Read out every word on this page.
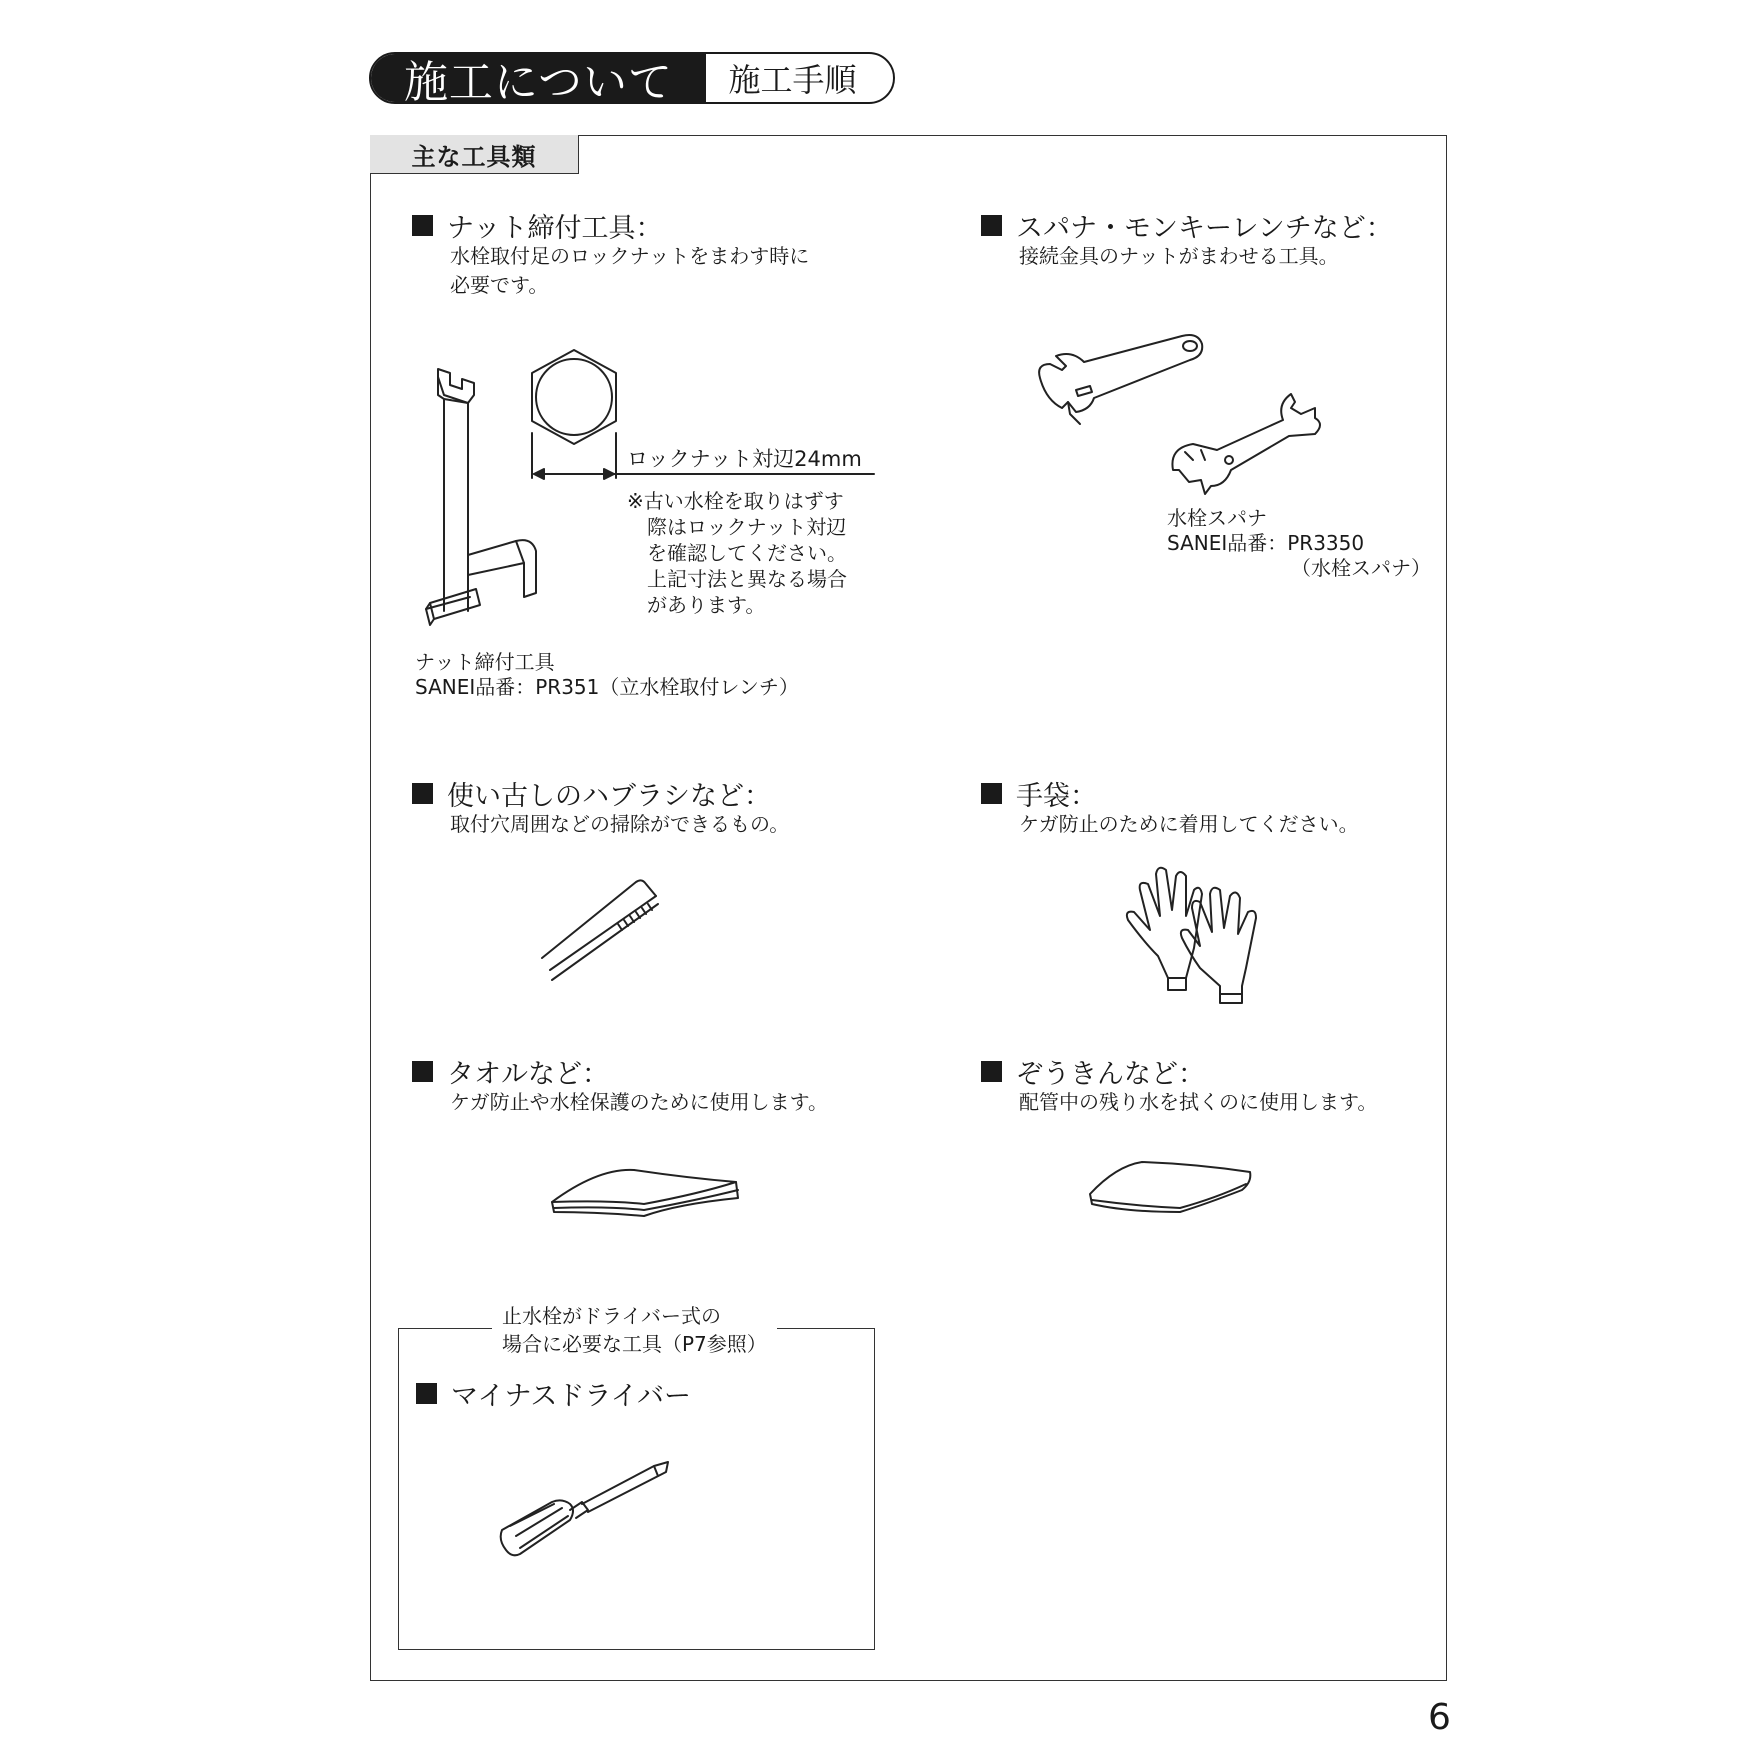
施工について	施工手順
主な工具類
ナット締付工具：
水栓取付足のロックナットをまわす時に
必要です。
ロックナット対辺24mm
※古い水栓を取りはずす
際はロックナット対辺
を確認してください。
上記寸法と異なる場合
があります。
ナット締付工具
SANEI品番：PR351（立水栓取付レンチ）
スパナ・モンキーレンチなど：
接続金具のナットがまわせる工具。
水栓スパナ
SANEI品番：PR3350
（水栓スパナ）
使い古しのハブラシなど：
取付穴周囲などの掃除ができるもの。
手袋：
ケガ防止のために着用してください。
タオルなど：
ケガ防止や水栓保護のために使用します。
ぞうきんなど：
配管中の残り水を拭くのに使用します。
止水栓がドライバー式の
場合に必要な工具（P7参照）
マイナスドライバー
6
